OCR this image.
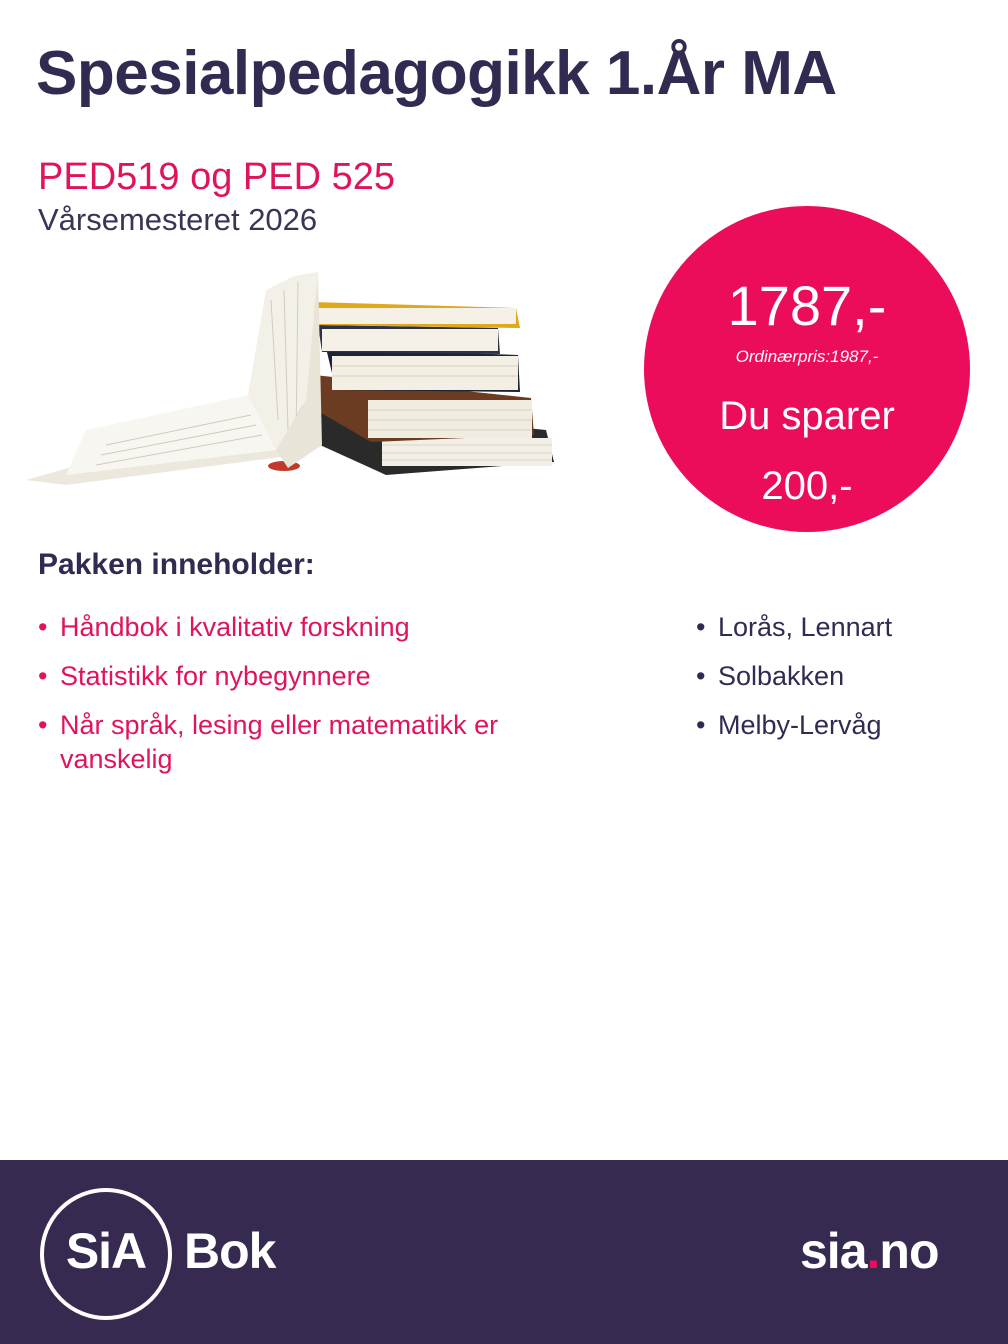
Spesialpedagogikk 1.År MA
PED519 og PED 525
Vårsemesteret 2026
1787,-
Ordinærpris:1987,-
Du sparer
200,-
Pakken inneholder:
• Håndbok i kvalitativ forskning
• Statistikk for nybegynnere
• Når språk, lesing eller matematikk er vanskelig
• Lorås, Lennart
• Solbakken
• Melby-Lervåg
SiA Bok	sia.no
